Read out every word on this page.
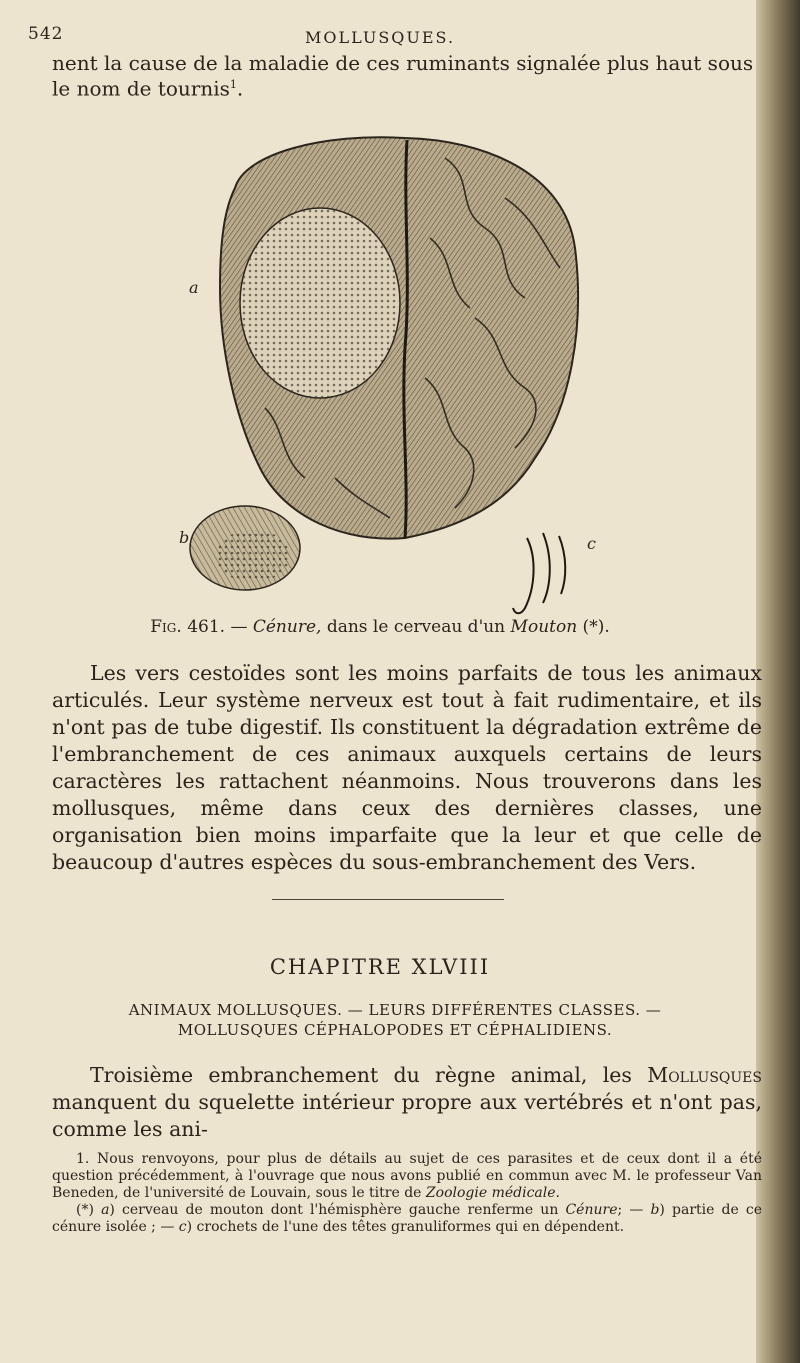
542	MOLLUSQUES.
nent la cause de la maladie de ces ruminants signalée plus haut sous le nom de tournis$^1$.
a
b	c
Fig. 461. — Cénure, dans le cerveau d'un Mouton (*).

Les vers cestoïdes sont les moins parfaits de tous les animaux articulés. Leur système nerveux est tout à fait rudimentaire, et ils n'ont pas de tube digestif. Ils constituent la dégradation extrême de l'embranchement de ces animaux auxquels certains de leurs caractères les rattachent néanmoins. Nous trouverons dans les mollusques, même dans ceux des dernières classes, une organisation bien moins imparfaite que la leur et que celle de beaucoup d'autres espèces du sous-embranchement des Vers.

CHAPITRE XLVIII
ANIMAUX MOLLUSQUES. — LEURS DIFFÉRENTES CLASSES. — MOLLUSQUES CÉPHALOPODES ET CÉPHALIDIENS.

Troisième embranchement du règne animal, les Mollusques manquent du squelette intérieur propre aux vertébrés et n'ont pas, comme les ani-

1. Nous renvoyons, pour plus de détails au sujet de ces parasites et de ceux dont il a été question précédemment, à l'ouvrage que nous avons publié en commun avec M. le professeur Van Beneden, de l'université de Louvain, sous le titre de Zoologie médicale.

(*) a) cerveau de mouton dont l'hémisphère gauche renferme un Cénure; — b) partie de ce cénure isolée ; — c) crochets de l'une des têtes granuliformes qui en dépendent.
